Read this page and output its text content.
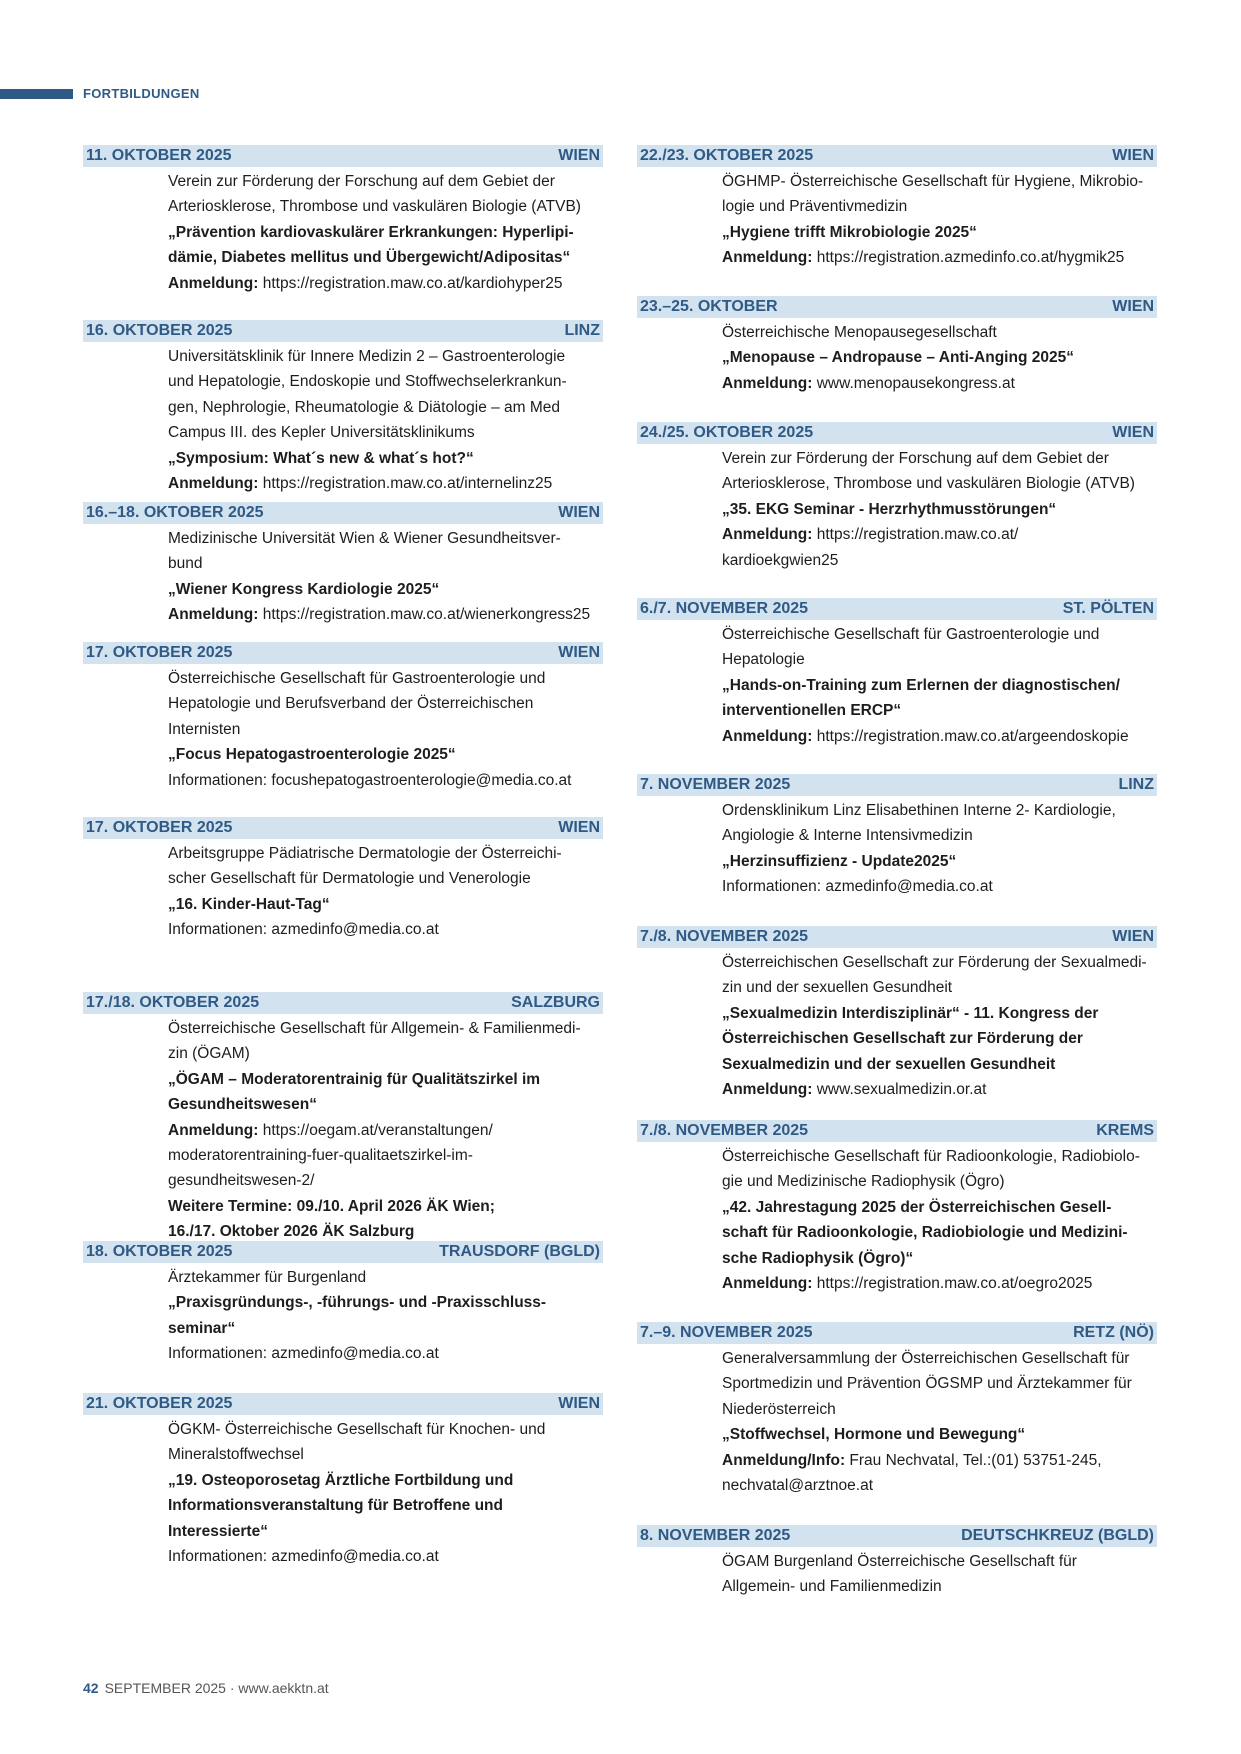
FORTBILDUNGEN
11. OKTOBER 2025	WIEN
Verein zur Förderung der Forschung auf dem Gebiet der
Arteriosklerose, Thrombose und vaskulären Biologie (ATVB)
„Prävention kardiovaskulärer Erkrankungen: Hyperlipi-
dämie, Diabetes mellitus und Übergewicht/Adipositas“
Anmeldung: https://registration.maw.co.at/kardiohyper25
16. OKTOBER 2025	LINZ
Universitätsklinik für Innere Medizin 2 – Gastroenterologie
und Hepatologie, Endoskopie und Stoffwechselerkrankun-
gen, Nephrologie, Rheumatologie & Diätologie – am Med
Campus III. des Kepler Universitätsklinikums
„Symposium: What´s new & what´s hot?“
Anmeldung: https://registration.maw.co.at/internelinz25
16.–18. OKTOBER 2025	WIEN
Medizinische Universität Wien & Wiener Gesundheitsver-
bund
„Wiener Kongress Kardiologie 2025“
Anmeldung: https://registration.maw.co.at/wienerkongress25
17. OKTOBER 2025	WIEN
Österreichische Gesellschaft für Gastroenterologie und
Hepatologie und Berufsverband der Österreichischen
Internisten
„Focus Hepatogastroenterologie 2025“
Informationen: focushepatogastroenterologie@media.co.at
17. OKTOBER 2025	WIEN
Arbeitsgruppe Pädiatrische Dermatologie der Österreichi-
scher Gesellschaft für Dermatologie und Venerologie
„16. Kinder-Haut-Tag“
Informationen: azmedinfo@media.co.at
17./18. OKTOBER 2025	SALZBURG
Österreichische Gesellschaft für Allgemein- & Familienmedi-
zin (ÖGAM)
„ÖGAM – Moderatorentrainig für Qualitätszirkel im
Gesundheitswesen“
Anmeldung: https://oegam.at/veranstaltungen/
moderatorentraining-fuer-qualitaetszirkel-im-
gesundheitswesen-2/
Weitere Termine: 09./10. April 2026 ÄK Wien;
16./17. Oktober 2026 ÄK Salzburg
18. OKTOBER 2025	TRAUSDORF (BGLD)
Ärztekammer für Burgenland
„Praxisgründungs-, -führungs- und -Praxisschluss-
seminar“
Informationen: azmedinfo@media.co.at
21. OKTOBER 2025	WIEN
ÖGKM- Österreichische Gesellschaft für Knochen- und
Mineralstoffwechsel
„19. Osteoporosetag Ärztliche Fortbildung und
Informationsveranstaltung für Betroffene und
Interessierte“
Informationen: azmedinfo@media.co.at
22./23. OKTOBER 2025	WIEN
ÖGHMP- Österreichische Gesellschaft für Hygiene, Mikrobio-
logie und Präventivmedizin
„Hygiene trifft Mikrobiologie 2025“
Anmeldung: https://registration.azmedinfo.co.at/hygmik25
23.–25. OKTOBER	WIEN
Österreichische Menopausegesellschaft
„Menopause – Andropause – Anti-Anging 2025“
Anmeldung: www.menopausekongress.at
24./25. OKTOBER 2025	WIEN
Verein zur Förderung der Forschung auf dem Gebiet der
Arteriosklerose, Thrombose und vaskulären Biologie (ATVB)
„35. EKG Seminar - Herzrhythmusstörungen“
Anmeldung: https://registration.maw.co.at/
kardioekgwien25
6./7. NOVEMBER 2025	ST. PÖLTEN
Österreichische Gesellschaft für Gastroenterologie und
Hepatologie
„Hands-on-Training zum Erlernen der diagnostischen/
interventionellen ERCP“
Anmeldung: https://registration.maw.co.at/argeendoskopie
7. NOVEMBER 2025	LINZ
Ordensklinikum Linz Elisabethinen Interne 2- Kardiologie,
Angiologie & Interne Intensivmedizin
„Herzinsuffizienz - Update2025“
Informationen: azmedinfo@media.co.at
7./8. NOVEMBER 2025	WIEN
Österreichischen Gesellschaft zur Förderung der Sexualmedi-
zin und der sexuellen Gesundheit
„Sexualmedizin Interdisziplinär“ - 11. Kongress der
Österreichischen Gesellschaft zur Förderung der
Sexualmedizin und der sexuellen Gesundheit
Anmeldung: www.sexualmedizin.or.at
7./8. NOVEMBER 2025	KREMS
Österreichische Gesellschaft für Radioonkologie, Radiobiolo-
gie und Medizinische Radiophysik (Ögro)
„42. Jahrestagung 2025 der Österreichischen Gesell-
schaft für Radioonkologie, Radiobiologie und Medizini-
sche Radiophysik (Ögro)“
Anmeldung: https://registration.maw.co.at/oegro2025
7.–9. NOVEMBER 2025	RETZ (NÖ)
Generalversammlung der Österreichischen Gesellschaft für
Sportmedizin und Prävention ÖGSMP und Ärztekammer für
Niederösterreich
„Stoffwechsel, Hormone und Bewegung“
Anmeldung/Info: Frau Nechvatal, Tel.:(01) 53751-245,
nechvatal@arztnoe.at
8. NOVEMBER 2025	DEUTSCHKREUZ (BGLD)
ÖGAM Burgenland Österreichische Gesellschaft für
Allgemein- und Familienmedizin
42 SEPTEMBER 2025 · www.aekktn.at
